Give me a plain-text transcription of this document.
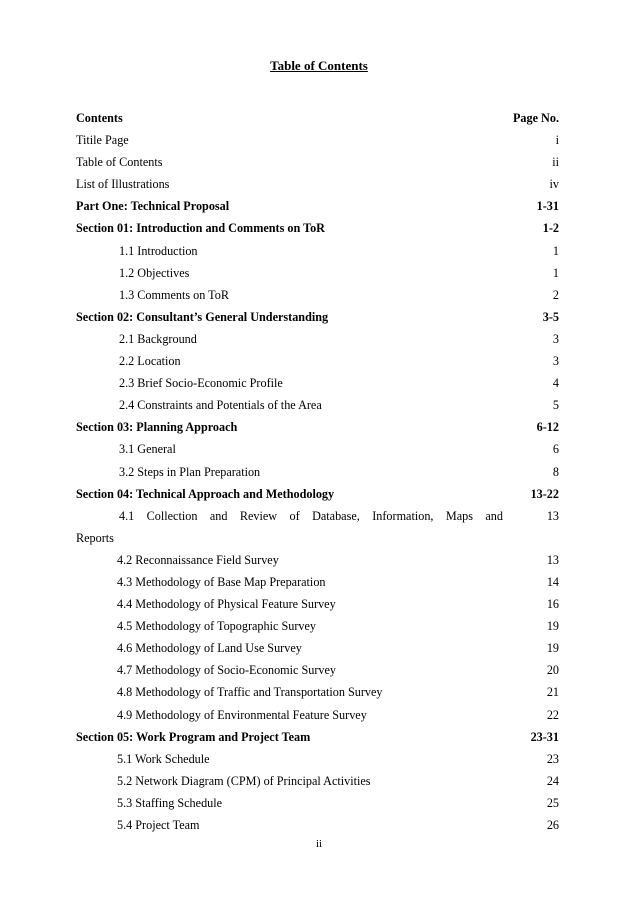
Table of Contents
Contents	Page No.
Titile Page	i
Table of Contents	ii
List of Illustrations	iv
Part One: Technical Proposal	1-31
Section 01: Introduction and Comments on ToR	1-2
1.1 Introduction	1
1.2 Objectives	1
1.3 Comments on ToR	2
Section 02: Consultant’s General Understanding	3-5
2.1 Background	3
2.2 Location	3
2.3 Brief Socio-Economic Profile	4
2.4 Constraints and Potentials of the Area	5
Section 03: Planning Approach	6-12
3.1 General	6
3.2 Steps in Plan Preparation	8
Section 04: Technical Approach and Methodology	13-22
4.1 Collection and Review of Database, Information, Maps and	13
Reports
4.2 Reconnaissance Field Survey	13
4.3 Methodology of Base Map Preparation	14
4.4 Methodology of Physical Feature Survey	16
4.5 Methodology of Topographic Survey	19
4.6 Methodology of Land Use Survey	19
4.7 Methodology of Socio-Economic Survey	20
4.8 Methodology of Traffic and Transportation Survey	21
4.9 Methodology of Environmental Feature Survey	22
Section 05: Work Program and Project Team	23-31
5.1 Work Schedule	23
5.2 Network Diagram (CPM) of Principal Activities	24
5.3 Staffing Schedule	25
5.4 Project Team	26
ii
